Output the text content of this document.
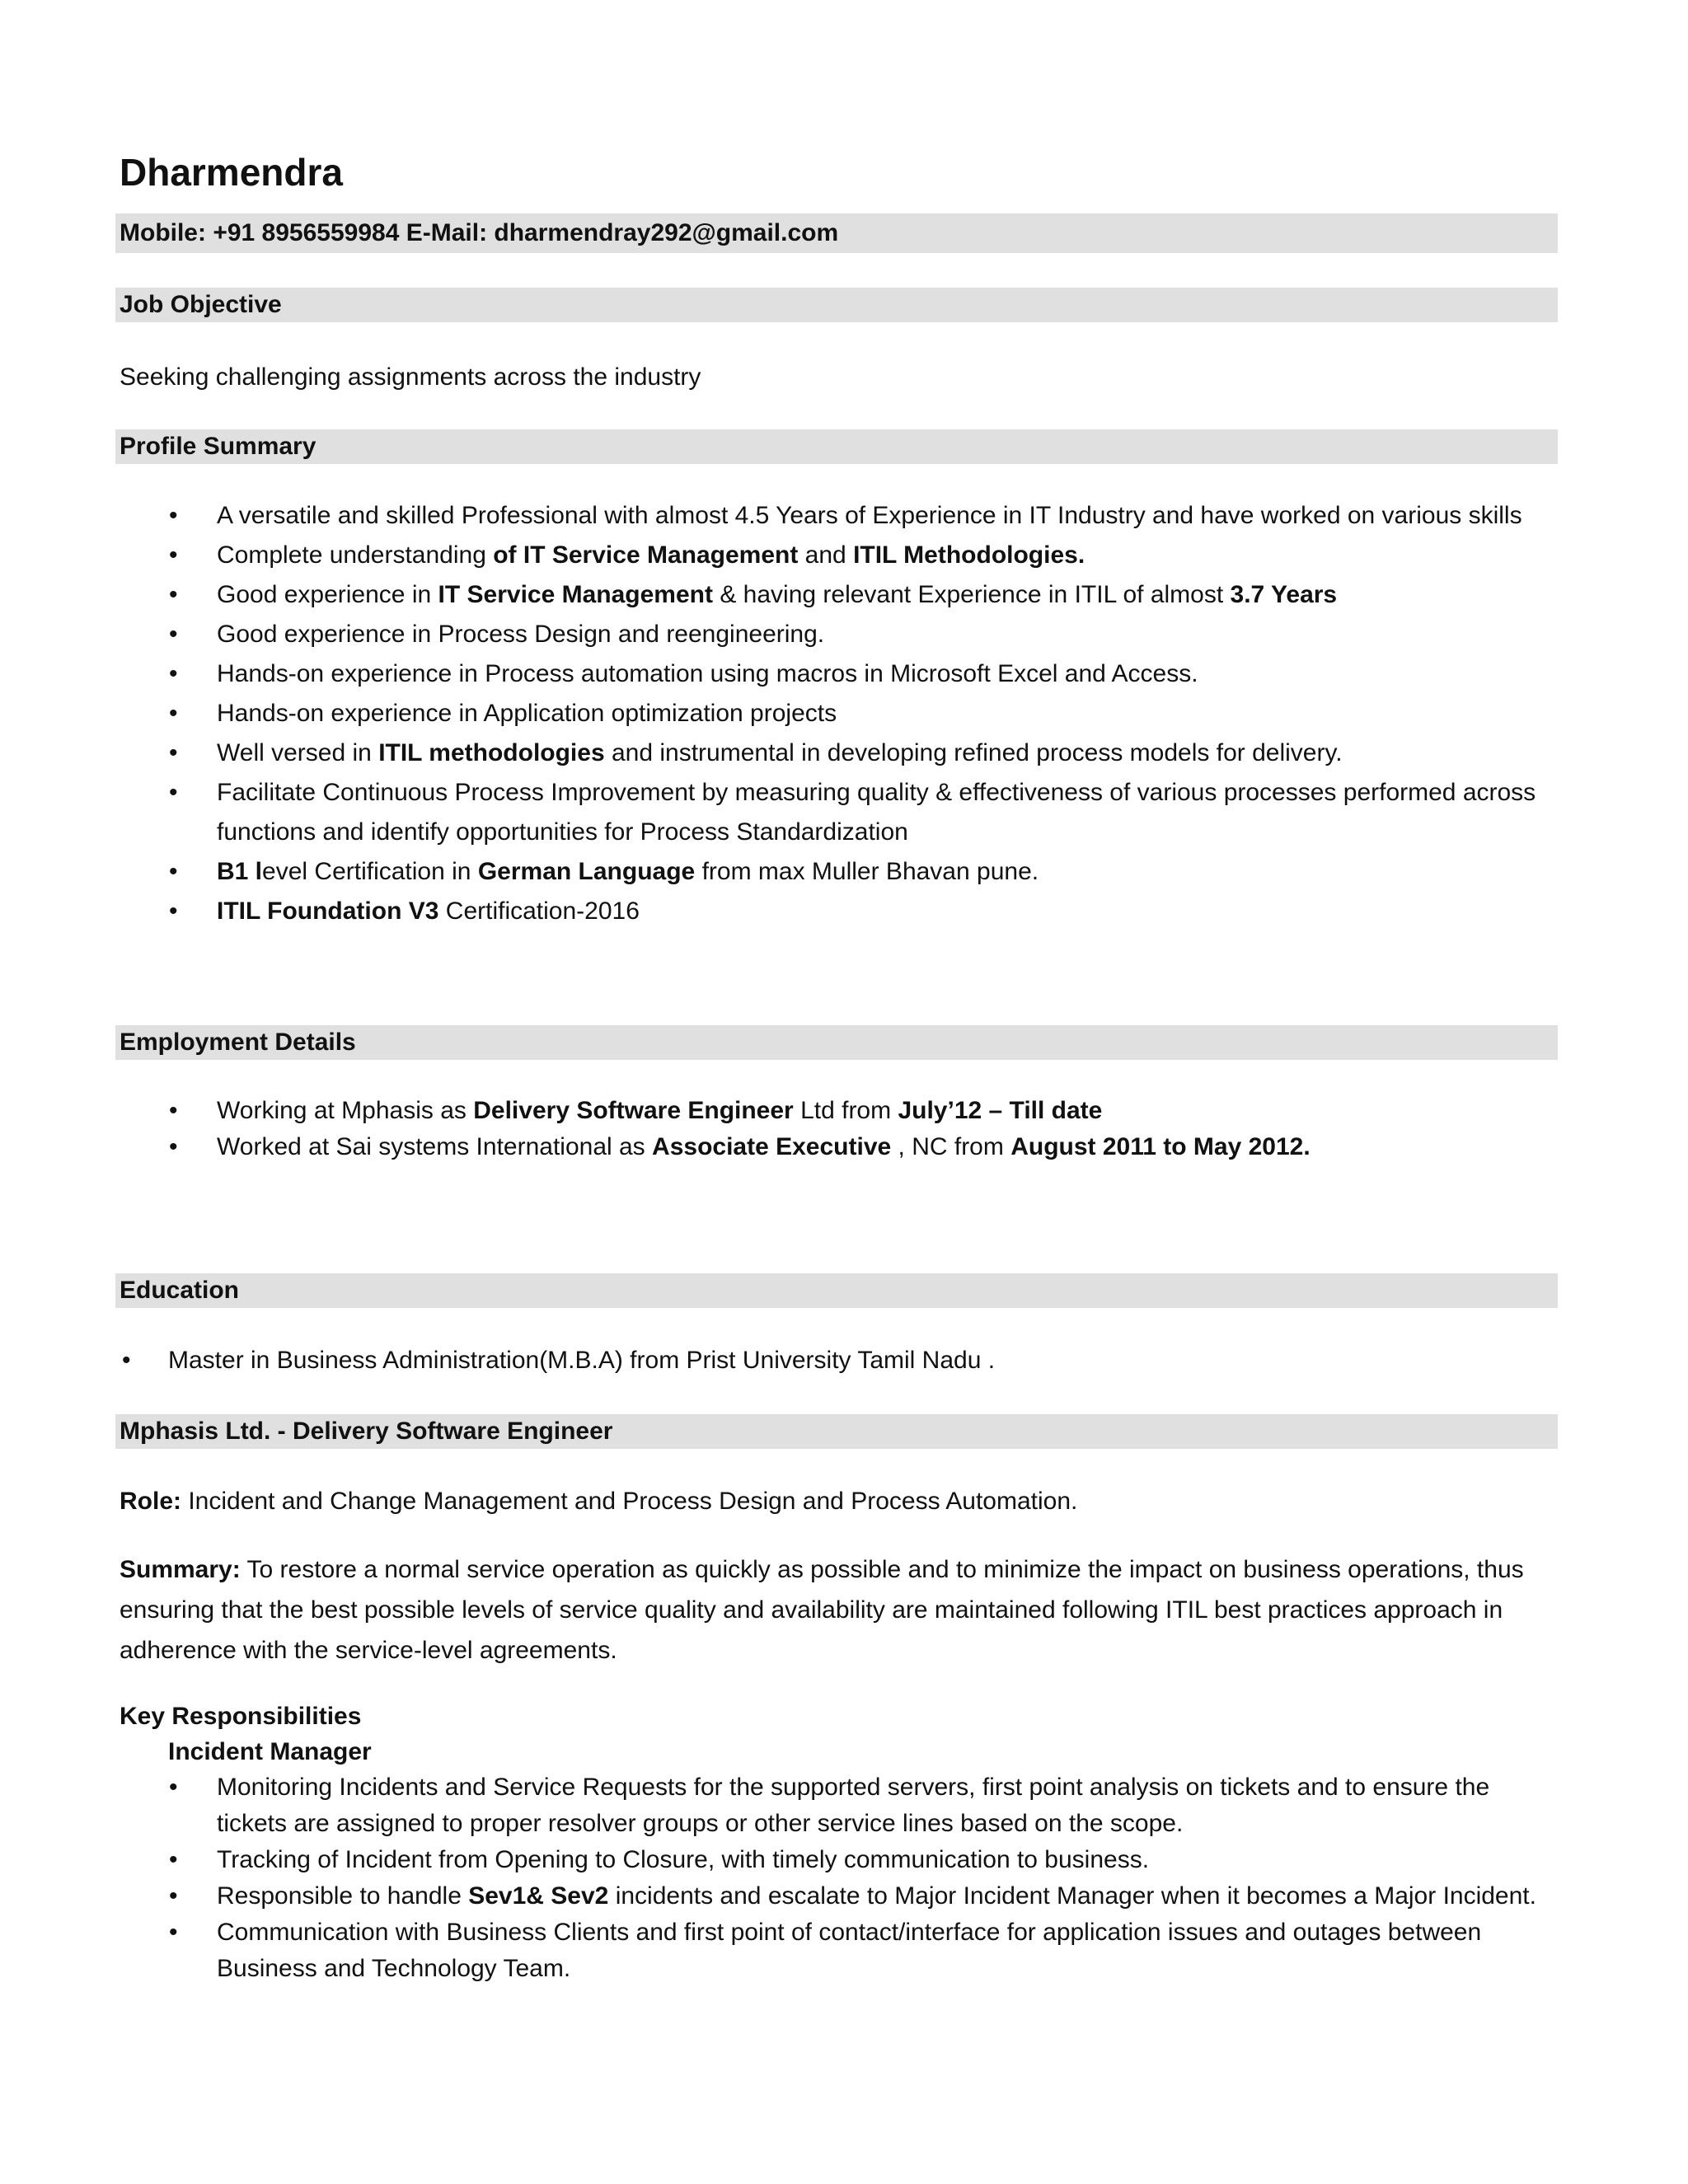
Dharmendra
Mobile: +91 8956559984 E-Mail: dharmendray292@gmail.com
Job Objective
Seeking challenging assignments across the industry
Profile Summary
• A versatile and skilled Professional with almost 4.5 Years of Experience in IT Industry and have worked on various skills
• Complete understanding of IT Service Management and ITIL Methodologies.
• Good experience in IT Service Management & having relevant Experience in ITIL of almost 3.7 Years
• Good experience in Process Design and reengineering.
• Hands-on experience in Process automation using macros in Microsoft Excel and Access.
• Hands-on experience in Application optimization projects
• Well versed in ITIL methodologies and instrumental in developing refined process models for delivery.
• Facilitate Continuous Process Improvement by measuring quality & effectiveness of various processes performed across functions and identify opportunities for Process Standardization
• B1 level Certification in German Language from max Muller Bhavan pune.
• ITIL Foundation V3 Certification-2016
Employment Details
• Working at Mphasis as Delivery Software Engineer Ltd from July’12 – Till date
• Worked at Sai systems International as Associate Executive , NC from August 2011 to May 2012.
Education
• Master in Business Administration(M.B.A) from Prist University Tamil Nadu .
Mphasis Ltd. - Delivery Software Engineer
Role: Incident and Change Management and Process Design and Process Automation.
Summary: To restore a normal service operation as quickly as possible and to minimize the impact on business operations, thus ensuring that the best possible levels of service quality and availability are maintained following ITIL best practices approach in adherence with the service-level agreements.
Key Responsibilities
Incident Manager
• Monitoring Incidents and Service Requests for the supported servers, first point analysis on tickets and to ensure the tickets are assigned to proper resolver groups or other service lines based on the scope.
• Tracking of Incident from Opening to Closure, with timely communication to business.
• Responsible to handle Sev1& Sev2 incidents and escalate to Major Incident Manager when it becomes a Major Incident.
• Communication with Business Clients and first point of contact/interface for application issues and outages between Business and Technology Team.
